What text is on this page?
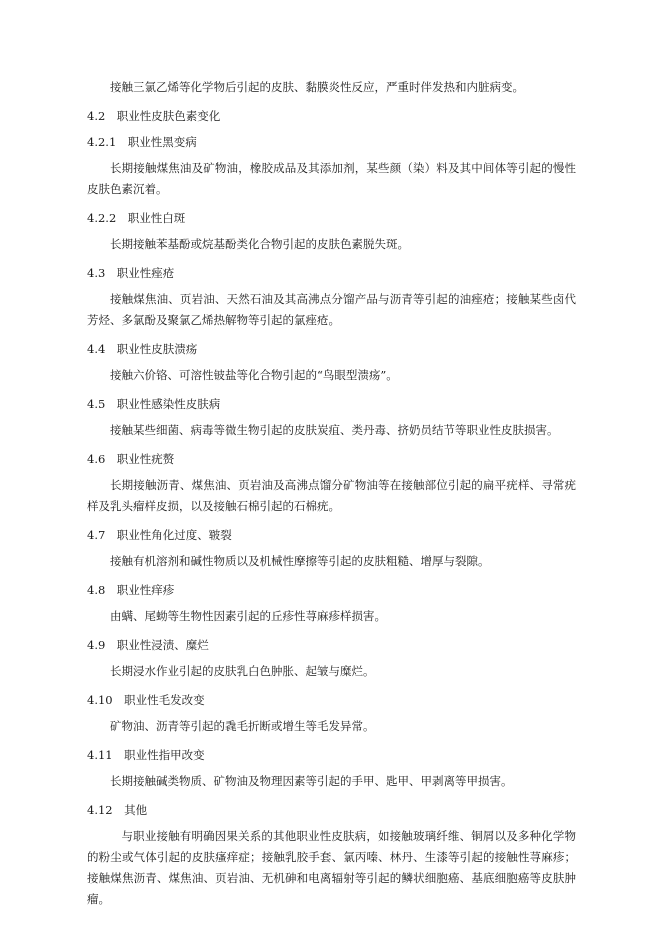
接触三氯乙烯等化学物后引起的皮肤、黏膜炎性反应，严重时伴发热和内脏病变。

4.2  职业性皮肤色素变化
4.2.1  职业性黑变病

长期接触煤焦油及矿物油，橡胶成品及其添加剂，某些颜（染）料及其中间体等引起的慢性皮肤色素沉着。

4.2.2  职业性白斑

长期接触苯基酚或烷基酚类化合物引起的皮肤色素脱失斑。

4.3  职业性痤疮

接触煤焦油、页岩油、天然石油及其高沸点分馏产品与沥青等引起的油痤疮；接触某些卤代芳烃、多氯酚及聚氯乙烯热解物等引起的氯痤疮。

4.4  职业性皮肤溃疡

接触六价铬、可溶性铍盐等化合物引起的“鸟眼型溃疡”。

4.5  职业性感染性皮肤病

接触某些细菌、病毒等微生物引起的皮肤炭疽、类丹毒、挤奶员结节等职业性皮肤损害。

4.6  职业性疣赘

长期接触沥青、煤焦油、页岩油及高沸点馏分矿物油等在接触部位引起的扁平疣样、寻常疣样及乳头瘤样皮损，以及接触石棉引起的石棉疣。

4.7  职业性角化过度、皲裂

接触有机溶剂和碱性物质以及机械性摩擦等引起的皮肤粗糙、增厚与裂隙。

4.8  职业性痒疹

由螨、尾蚴等生物性因素引起的丘疹性荨麻疹样损害。

4.9  职业性浸渍、糜烂

长期浸水作业引起的皮肤乳白色肿胀、起皱与糜烂。

4.10  职业性毛发改变

矿物油、沥青等引起的毳毛折断或增生等毛发异常。

4.11  职业性指甲改变

长期接触碱类物质、矿物油及物理因素等引起的手甲、匙甲、甲剥离等甲损害。

4.12  其他

与职业接触有明确因果关系的其他职业性皮肤病，如接触玻璃纤维、铜屑以及多种化学物的粉尘或气体引起的皮肤瘙痒症；接触乳胶手套、氯丙嗪、林丹、生漆等引起的接触性荨麻疹；接触煤焦沥青、煤焦油、页岩油、无机砷和电离辐射等引起的鳞状细胞癌、基底细胞癌等皮肤肿瘤。
